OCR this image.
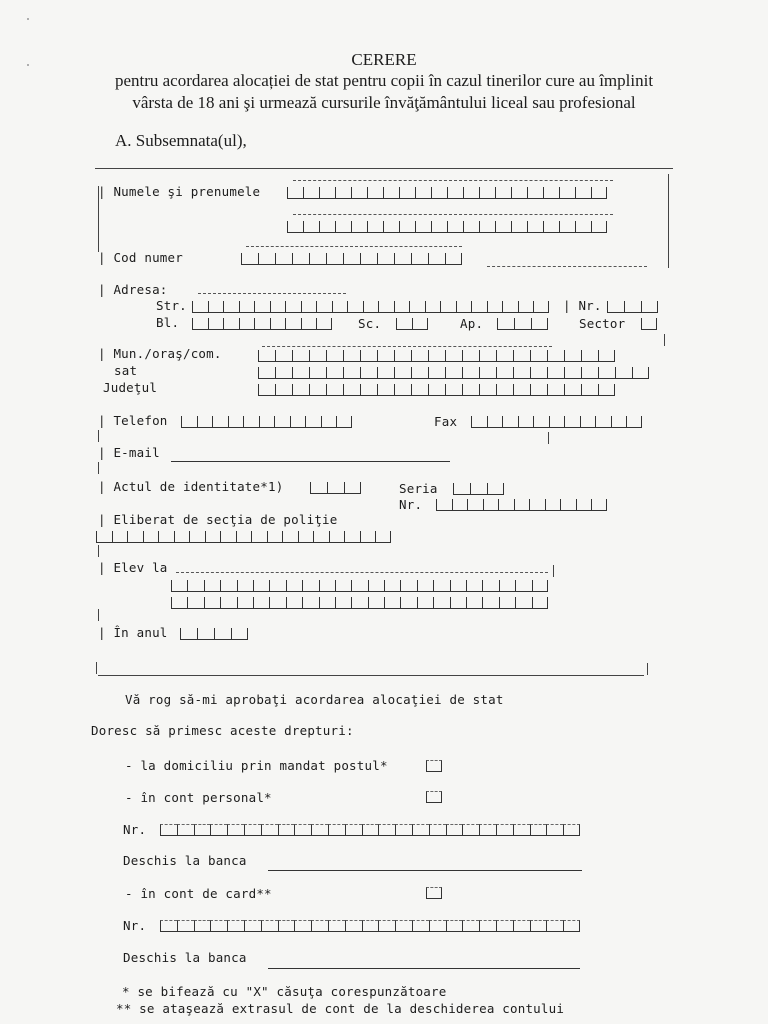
CERERE
pentru acordarea alocației de stat pentru copii în cazul tinerilor cure au împlinit
vârsta de 18 ani şi urmează cursurile învăţământului liceal sau profesional
A. Subsemnata(ul),
| Numele şi prenumele
| Cod numer
| Adresa:
Str.	| Nr.
Bl.	Sc.	Ap.	Sector
| Mun./oraş/com.
sat
Judeţul
| Telefon	Fax
| E-mail
| Actul de identitate*1)	Seria
Nr.
| Eliberat de secţia de poliţie
| Elev la
| În anul
Vă rog să-mi aprobaţi acordarea alocaţiei de stat
Doresc să primesc aceste drepturi:
- la domiciliu prin mandat postul*
- în cont personal*
Nr.
Deschis la banca
- în cont de card**
Nr.
Deschis la banca
* se bifează cu "X" căsuţa corespunzătoare
** se ataşează extrasul de cont de la deschiderea contului
